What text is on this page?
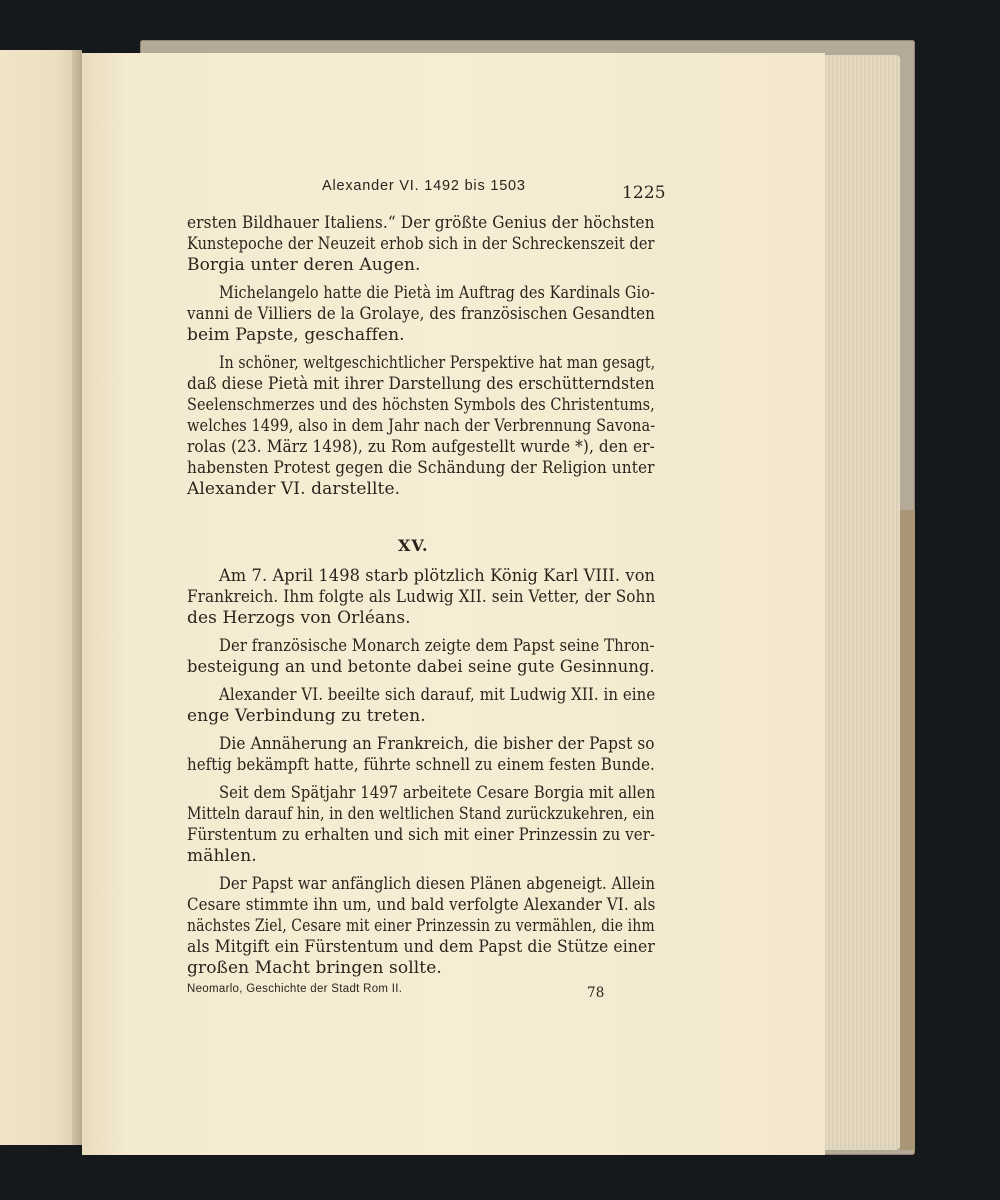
Alexander VI. 1492 bis 1503	1225
ersten Bildhauer Italiens.“ Der größte Genius der höchsten
Kunstepoche der Neuzeit erhob sich in der Schreckenszeit der
Borgia unter deren Augen.
Michelangelo hatte die Pietà im Auftrag des Kardinals Gio-
vanni de Villiers de la Grolaye, des französischen Gesandten
beim Papste, geschaffen.
In schöner, weltgeschichtlicher Perspektive hat man gesagt,
daß diese Pietà mit ihrer Darstellung des erschütterndsten
Seelenschmerzes und des höchsten Symbols des Christentums,
welches 1499, also in dem Jahr nach der Verbrennung Savona-
rolas (23. März 1498), zu Rom aufgestellt wurde *), den er-
habensten Protest gegen die Schändung der Religion unter
Alexander VI. darstellte.
XV.
Am 7. April 1498 starb plötzlich König Karl VIII. von
Frankreich. Ihm folgte als Ludwig XII. sein Vetter, der Sohn
des Herzogs von Orléans.
Der französische Monarch zeigte dem Papst seine Thron-
besteigung an und betonte dabei seine gute Gesinnung.
Alexander VI. beeilte sich darauf, mit Ludwig XII. in eine
enge Verbindung zu treten.
Die Annäherung an Frankreich, die bisher der Papst so
heftig bekämpft hatte, führte schnell zu einem festen Bunde.
Seit dem Spätjahr 1497 arbeitete Cesare Borgia mit allen
Mitteln darauf hin, in den weltlichen Stand zurückzukehren, ein
Fürstentum zu erhalten und sich mit einer Prinzessin zu ver-
mählen.
Der Papst war anfänglich diesen Plänen abgeneigt. Allein
Cesare stimmte ihn um, und bald verfolgte Alexander VI. als
nächstes Ziel, Cesare mit einer Prinzessin zu vermählen, die ihm
als Mitgift ein Fürstentum und dem Papst die Stütze einer
großen Macht bringen sollte.
Neomarlo, Geschichte der Stadt Rom II.	78
